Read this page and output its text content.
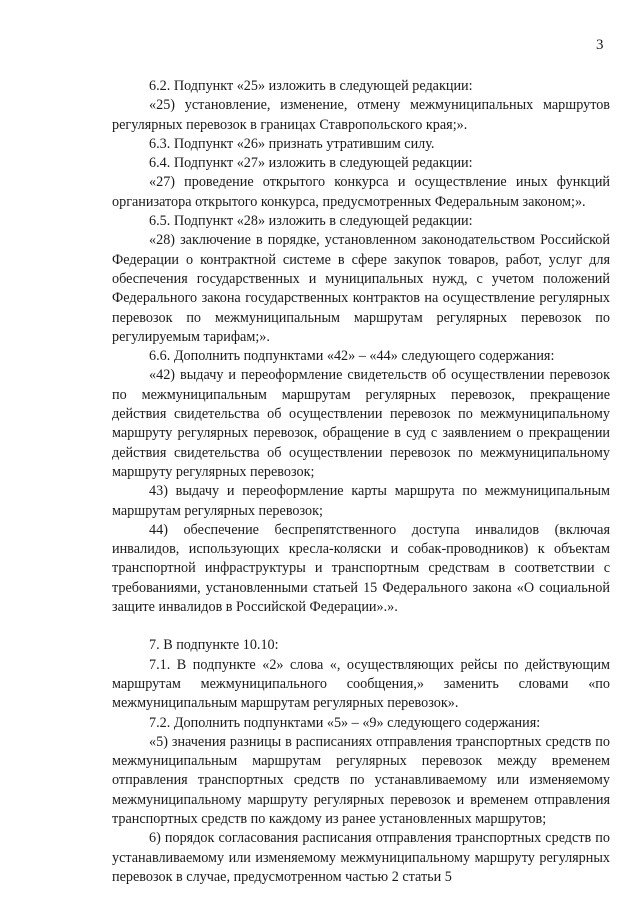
3

6.2. Подпункт «25» изложить в следующей редакции:

«25) установление, изменение, отмену межмуниципальных маршрутов регулярных перевозок в границах Ставропольского края;».

6.3. Подпункт «26» признать утратившим силу.

6.4. Подпункт «27» изложить в следующей редакции:

«27) проведение открытого конкурса и осуществление иных функций организатора открытого конкурса, предусмотренных Федеральным законом;».

6.5. Подпункт «28» изложить в следующей редакции:

«28) заключение в порядке, установленном законодательством Российской Федерации о контрактной системе в сфере закупок товаров, работ, услуг для обеспечения государственных и муниципальных нужд, с учетом положений Федерального закона государственных контрактов на осуществление регулярных перевозок по межмуниципальным маршрутам регулярных перевозок по регулируемым тарифам;».

6.6. Дополнить подпунктами «42» – «44» следующего содержания:

«42) выдачу и переоформление свидетельств об осуществлении перевозок по межмуниципальным маршрутам регулярных перевозок, прекращение действия свидетельства об осуществлении перевозок по межмуниципальному маршруту регулярных перевозок, обращение в суд с заявлением о прекращении действия свидетельства об осуществлении перевозок по межмуниципальному маршруту регулярных перевозок;

43) выдачу и переоформление карты маршрута по межмуниципальным маршрутам регулярных перевозок;

44) обеспечение беспрепятственного доступа инвалидов (включая инвалидов, использующих кресла-коляски и собак-проводников) к объектам транспортной инфраструктуры и транспортным средствам в соответствии с требованиями, установленными статьей 15 Федерального закона «О социальной защите инвалидов в Российской Федерации».».

7. В подпункте 10.10:

7.1. В подпункте «2» слова «, осуществляющих рейсы по действующим маршрутам межмуниципального сообщения,» заменить словами «по межмуниципальным маршрутам регулярных перевозок».

7.2. Дополнить подпунктами «5» – «9» следующего содержания:

«5) значения разницы в расписаниях отправления транспортных средств по межмуниципальным маршрутам регулярных перевозок между временем отправления транспортных средств по устанавливаемому или изменяемому межмуниципальному маршруту регулярных перевозок и временем отправления транспортных средств по каждому из ранее установленных маршрутов;

6) порядок согласования расписания отправления транспортных средств по устанавливаемому или изменяемому межмуниципальному маршруту регулярных перевозок в случае, предусмотренном частью 2 статьи 5
